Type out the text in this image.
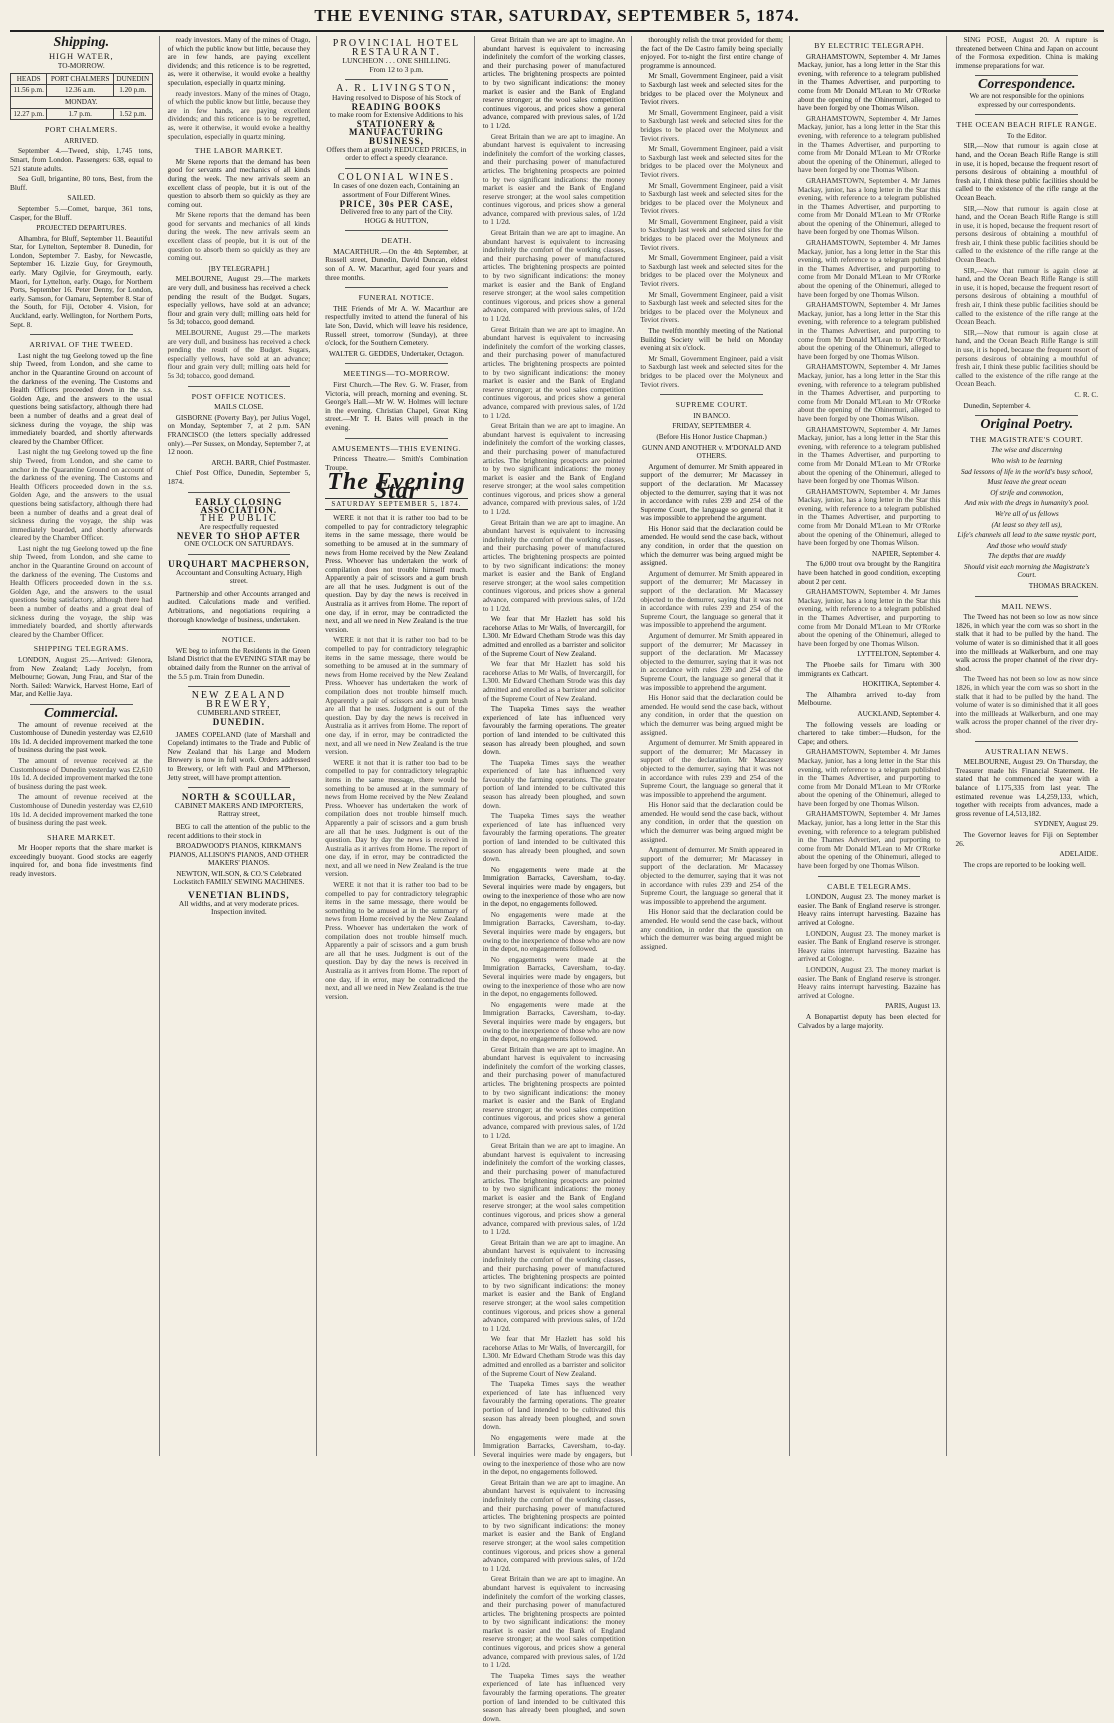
THE EVENING STAR, SATURDAY, SEPTEMBER 5, 1874.
Shipping.
HIGH WATER,

TO-MORROW.

HEADS	PORT CHALMERS	DUNEDIN
11.56 p.m.	12.36 a.m.	1.20 p.m.
MONDAY.		
12.27 p.m.	1.7 p.m.	1.52 p.m.
PORT CHALMERS.

ARRIVED.

September 4.—Tweed, ship, 1,745 tons, Smart, from London. Passengers: 638, equal to 521 statute adults.

Sea Gull, brigantine, 80 tons, Best, from the Bluff.

SAILED.

September 5.—Comet, barque, 361 tons, Casper, for the Bluff.

PROJECTED DEPARTURES.

Alhambra, for Bluff, September 11. Beautiful Star, for Lyttelton, September 8. Dunedin, for London, September 7. Easby, for Newcastle, September 16. Lizzie Guy, for Greymouth, early. Mary Ogilvie, for Greymouth, early. Maori, for Lyttelton, early. Otago, for Northern Ports, September 16. Peter Denny, for London, early. Samson, for Oamaru, September 8. Star of the South, for Fiji, October 4. Vision, for Auckland, early. Wellington, for Northern Ports, Sept. 8.

ARRIVAL OF THE TWEED.

Last night the tug Geelong towed up the fine ship Tweed, from London, and she came to anchor in the Quarantine Ground on account of the darkness of the evening. The Customs and Health Officers proceeded down in the s.s. Golden Age, and the answers to the usual questions being satisfactory, although there had been a number of deaths and a great deal of sickness during the voyage, the ship was immediately boarded, and shortly afterwards cleared by the Chamber Officer.

Last night the tug Geelong towed up the fine ship Tweed, from London, and she came to anchor in the Quarantine Ground on account of the darkness of the evening. The Customs and Health Officers proceeded down in the s.s. Golden Age, and the answers to the usual questions being satisfactory, although there had been a number of deaths and a great deal of sickness during the voyage, the ship was immediately boarded, and shortly afterwards cleared by the Chamber Officer.

Last night the tug Geelong towed up the fine ship Tweed, from London, and she came to anchor in the Quarantine Ground on account of the darkness of the evening. The Customs and Health Officers proceeded down in the s.s. Golden Age, and the answers to the usual questions being satisfactory, although there had been a number of deaths and a great deal of sickness during the voyage, the ship was immediately boarded, and shortly afterwards cleared by the Chamber Officer.

SHIPPING TELEGRAMS.

LONDON, August 25.—Arrived: Glenora, from New Zealand; Lady Jocelyn, from Melbourne; Gowan, Jung Frau, and Star of the North. Sailed: Warwick, Harvest Home, Earl of Mar, and Kellie Jaya.

Commercial.

The amount of revenue received at the Customhouse of Dunedin yesterday was £2,610 10s 1d. A decided improvement marked the tone of business during the past week.

The amount of revenue received at the Customhouse of Dunedin yesterday was £2,610 10s 1d. A decided improvement marked the tone of business during the past week.

The amount of revenue received at the Customhouse of Dunedin yesterday was £2,610 10s 1d. A decided improvement marked the tone of business during the past week.

SHARE MARKET.

Mr Hooper reports that the share market is exceedingly buoyant. Good stocks are eagerly inquired for, and bona fide investments find ready investors.

ready investors. Many of the mines of Otago, of which the public know but little, because they are in few hands, are paying excellent dividends; and this reticence is to be regretted, as, were it otherwise, it would evoke a healthy speculation, especially in quartz mining.

ready investors. Many of the mines of Otago, of which the public know but little, because they are in few hands, are paying excellent dividends; and this reticence is to be regretted, as, were it otherwise, it would evoke a healthy speculation, especially in quartz mining.

THE LABOR MARKET.

Mr Skene reports that the demand has been good for servants and mechanics of all kinds during the week. The new arrivals seem an excellent class of people, but it is out of the question to absorb them so quickly as they are coming out.

Mr Skene reports that the demand has been good for servants and mechanics of all kinds during the week. The new arrivals seem an excellent class of people, but it is out of the question to absorb them so quickly as they are coming out.

[BY TELEGRAPH.]

MELBOURNE, August 29.—The markets are very dull, and business has received a check pending the result of the Budget. Sugars, especially yellows, have sold at an advance; flour and grain very dull; milling oats held for 5s 3d; tobacco, good demand.

MELBOURNE, August 29.—The markets are very dull, and business has received a check pending the result of the Budget. Sugars, especially yellows, have sold at an advance; flour and grain very dull; milling oats held for 5s 3d; tobacco, good demand.

POST OFFICE NOTICES.

MAILS CLOSE.

GISBORNE (Poverty Bay), per Julius Vogel, on Monday, September 7, at 2 p.m. SAN FRANCISCO (the letters specially addressed only).—Per Sussex, on Monday, September 7, at 12 noon.

ARCH. BARR, Chief Postmaster.

Chief Post Office, Dunedin, September 5, 1874.

EARLY CLOSING ASSOCIATION.
THE PUBLIC
Are respectfully requested
NEVER TO SHOP AFTER
ONE O'CLOCK ON SATURDAYS.
URQUHART MACPHERSON,
Accountant and Consulting Actuary, High street.

Partnership and other Accounts arranged and audited. Calculations made and verified. Arbitrations, and negotiations requiring a thorough knowledge of business, undertaken.

NOTICE.

WE beg to inform the Residents in the Green Island District that the EVENING STAR may be obtained daily from the Runner on the arrival of the 5.5 p.m. Train from Dunedin.

NEW ZEALAND BREWERY,
CUMBERLAND STREET,
DUNEDIN.

JAMES COPELAND (late of Marshall and Copeland) intimates to the Trade and Public of New Zealand that his Large and Modern Brewery is now in full work. Orders addressed to Brewery, or left with Paul and M'Pherson, Jetty street, will have prompt attention.

NORTH & SCOULLAR,
CABINET MAKERS AND IMPORTERS, Rattray street,

BEG to call the attention of the public to the recent additions to their stock in

BROADWOOD'S PIANOS, KIRKMAN'S PIANOS, ALLISON'S PIANOS, AND OTHER MAKERS' PIANOS.

NEWTON, WILSON, & CO.'S Celebrated Lockstitch FAMILY SEWING MACHINES.

VENETIAN BLINDS,
All widths, and at very moderate prices.
Inspection invited.
PROVINCIAL HOTEL RESTAURANT.
LUNCHEON . . . ONE SHILLING.
From 12 to 3 p.m.
A. R. LIVINGSTON,
Having resolved to Dispose of his Stock of
READING BOOKS
to make room for Extensive Additions to his
STATIONERY & MANUFACTURING BUSINESS,
Offers them at greatly REDUCED PRICES, in order to effect a speedy clearance.
COLONIAL WINES.
In cases of one dozen each, Containing an assortment of Four Different Wines.
PRICE, 30s PER CASE,
Delivered free to any part of the City.
HOGG & HUTTON,
DEATH.

MACARTHUR.—On the 4th September, at Russell street, Dunedin, David Duncan, eldest son of A. W. Macarthur, aged four years and three months.

FUNERAL NOTICE.

THE Friends of Mr A. W. Macarthur are respectfully invited to attend the funeral of his late Son, David, which will leave his residence, Russell street, tomorrow (Sunday), at three o'clock, for the Southern Cemetery.

WALTER G. GEDDES, Undertaker, Octagon.

MEETINGS—TO-MORROW.

First Church.—The Rev. G. W. Fraser, from Victoria, will preach, morning and evening. St. George's Hall.—Mr W. W. Holmes will lecture in the evening. Christian Chapel, Great King street.—Mr T. H. Bates will preach in the evening.

AMUSEMENTS—THIS EVENING.

Princess Theatre.— Smith's Combination Troupe.

The Evening Star
SATURDAY SEPTEMBER 5, 1874.

WERE it not that it is rather too bad to be compelled to pay for contradictory telegraphic items in the same message, there would be something to be amused at in the summary of news from Home received by the New Zealand Press. Whoever has undertaken the work of compilation does not trouble himself much. Apparently a pair of scissors and a gum brush are all that he uses. Judgment is out of the question. Day by day the news is received in Australia as it arrives from Home. The report of one day, if in error, may be contradicted the next, and all we need in New Zealand is the true version.

WERE it not that it is rather too bad to be compelled to pay for contradictory telegraphic items in the same message, there would be something to be amused at in the summary of news from Home received by the New Zealand Press. Whoever has undertaken the work of compilation does not trouble himself much. Apparently a pair of scissors and a gum brush are all that he uses. Judgment is out of the question. Day by day the news is received in Australia as it arrives from Home. The report of one day, if in error, may be contradicted the next, and all we need in New Zealand is the true version.

WERE it not that it is rather too bad to be compelled to pay for contradictory telegraphic items in the same message, there would be something to be amused at in the summary of news from Home received by the New Zealand Press. Whoever has undertaken the work of compilation does not trouble himself much. Apparently a pair of scissors and a gum brush are all that he uses. Judgment is out of the question. Day by day the news is received in Australia as it arrives from Home. The report of one day, if in error, may be contradicted the next, and all we need in New Zealand is the true version.

WERE it not that it is rather too bad to be compelled to pay for contradictory telegraphic items in the same message, there would be something to be amused at in the summary of news from Home received by the New Zealand Press. Whoever has undertaken the work of compilation does not trouble himself much. Apparently a pair of scissors and a gum brush are all that he uses. Judgment is out of the question. Day by day the news is received in Australia as it arrives from Home. The report of one day, if in error, may be contradicted the next, and all we need in New Zealand is the true version.

Great Britain than we are apt to imagine. An abundant harvest is equivalent to increasing indefinitely the comfort of the working classes, and their purchasing power of manufactured articles. The brightening prospects are pointed to by two significant indications: the money market is easier and the Bank of England reserve stronger; at the wool sales competition continues vigorous, and prices show a general advance, compared with previous sales, of 1/2d to 1 1/2d.

Great Britain than we are apt to imagine. An abundant harvest is equivalent to increasing indefinitely the comfort of the working classes, and their purchasing power of manufactured articles. The brightening prospects are pointed to by two significant indications: the money market is easier and the Bank of England reserve stronger; at the wool sales competition continues vigorous, and prices show a general advance, compared with previous sales, of 1/2d to 1 1/2d.

Great Britain than we are apt to imagine. An abundant harvest is equivalent to increasing indefinitely the comfort of the working classes, and their purchasing power of manufactured articles. The brightening prospects are pointed to by two significant indications: the money market is easier and the Bank of England reserve stronger; at the wool sales competition continues vigorous, and prices show a general advance, compared with previous sales, of 1/2d to 1 1/2d.

Great Britain than we are apt to imagine. An abundant harvest is equivalent to increasing indefinitely the comfort of the working classes, and their purchasing power of manufactured articles. The brightening prospects are pointed to by two significant indications: the money market is easier and the Bank of England reserve stronger; at the wool sales competition continues vigorous, and prices show a general advance, compared with previous sales, of 1/2d to 1 1/2d.

Great Britain than we are apt to imagine. An abundant harvest is equivalent to increasing indefinitely the comfort of the working classes, and their purchasing power of manufactured articles. The brightening prospects are pointed to by two significant indications: the money market is easier and the Bank of England reserve stronger; at the wool sales competition continues vigorous, and prices show a general advance, compared with previous sales, of 1/2d to 1 1/2d.

Great Britain than we are apt to imagine. An abundant harvest is equivalent to increasing indefinitely the comfort of the working classes, and their purchasing power of manufactured articles. The brightening prospects are pointed to by two significant indications: the money market is easier and the Bank of England reserve stronger; at the wool sales competition continues vigorous, and prices show a general advance, compared with previous sales, of 1/2d to 1 1/2d.

We fear that Mr Hazlett has sold his racehorse Atlas to Mr Walls, of Invercargill, for L300. Mr Edward Chetham Strode was this day admitted and enrolled as a barrister and solicitor of the Supreme Court of New Zealand.

We fear that Mr Hazlett has sold his racehorse Atlas to Mr Walls, of Invercargill, for L300. Mr Edward Chetham Strode was this day admitted and enrolled as a barrister and solicitor of the Supreme Court of New Zealand.

The Tuapeka Times says the weather experienced of late has influenced very favourably the farming operations. The greater portion of land intended to be cultivated this season has already been ploughed, and sown down.

The Tuapeka Times says the weather experienced of late has influenced very favourably the farming operations. The greater portion of land intended to be cultivated this season has already been ploughed, and sown down.

The Tuapeka Times says the weather experienced of late has influenced very favourably the farming operations. The greater portion of land intended to be cultivated this season has already been ploughed, and sown down.

No engagements were made at the Immigration Barracks, Caversham, to-day. Several inquiries were made by engagers, but owing to the inexperience of those who are now in the depot, no engagements followed.

No engagements were made at the Immigration Barracks, Caversham, to-day. Several inquiries were made by engagers, but owing to the inexperience of those who are now in the depot, no engagements followed.

No engagements were made at the Immigration Barracks, Caversham, to-day. Several inquiries were made by engagers, but owing to the inexperience of those who are now in the depot, no engagements followed.

No engagements were made at the Immigration Barracks, Caversham, to-day. Several inquiries were made by engagers, but owing to the inexperience of those who are now in the depot, no engagements followed.

Great Britain than we are apt to imagine. An abundant harvest is equivalent to increasing indefinitely the comfort of the working classes, and their purchasing power of manufactured articles. The brightening prospects are pointed to by two significant indications: the money market is easier and the Bank of England reserve stronger; at the wool sales competition continues vigorous, and prices show a general advance, compared with previous sales, of 1/2d to 1 1/2d.

Great Britain than we are apt to imagine. An abundant harvest is equivalent to increasing indefinitely the comfort of the working classes, and their purchasing power of manufactured articles. The brightening prospects are pointed to by two significant indications: the money market is easier and the Bank of England reserve stronger; at the wool sales competition continues vigorous, and prices show a general advance, compared with previous sales, of 1/2d to 1 1/2d.

Great Britain than we are apt to imagine. An abundant harvest is equivalent to increasing indefinitely the comfort of the working classes, and their purchasing power of manufactured articles. The brightening prospects are pointed to by two significant indications: the money market is easier and the Bank of England reserve stronger; at the wool sales competition continues vigorous, and prices show a general advance, compared with previous sales, of 1/2d to 1 1/2d.

We fear that Mr Hazlett has sold his racehorse Atlas to Mr Walls, of Invercargill, for L300. Mr Edward Chetham Strode was this day admitted and enrolled as a barrister and solicitor of the Supreme Court of New Zealand.

The Tuapeka Times says the weather experienced of late has influenced very favourably the farming operations. The greater portion of land intended to be cultivated this season has already been ploughed, and sown down.

No engagements were made at the Immigration Barracks, Caversham, to-day. Several inquiries were made by engagers, but owing to the inexperience of those who are now in the depot, no engagements followed.

Great Britain than we are apt to imagine. An abundant harvest is equivalent to increasing indefinitely the comfort of the working classes, and their purchasing power of manufactured articles. The brightening prospects are pointed to by two significant indications: the money market is easier and the Bank of England reserve stronger; at the wool sales competition continues vigorous, and prices show a general advance, compared with previous sales, of 1/2d to 1 1/2d.

Great Britain than we are apt to imagine. An abundant harvest is equivalent to increasing indefinitely the comfort of the working classes, and their purchasing power of manufactured articles. The brightening prospects are pointed to by two significant indications: the money market is easier and the Bank of England reserve stronger; at the wool sales competition continues vigorous, and prices show a general advance, compared with previous sales, of 1/2d to 1 1/2d.

The Tuapeka Times says the weather experienced of late has influenced very favourably the farming operations. The greater portion of land intended to be cultivated this season has already been ploughed, and sown down.

thoroughly relish the treat provided for them; the fact of the De Castro family being specially enjoyed. For to-night the first entire change of programme is announced.

Mr Small, Government Engineer, paid a visit to Saxburgh last week and selected sites for the bridges to be placed over the Molyneux and Teviot rivers.

Mr Small, Government Engineer, paid a visit to Saxburgh last week and selected sites for the bridges to be placed over the Molyneux and Teviot rivers.

Mr Small, Government Engineer, paid a visit to Saxburgh last week and selected sites for the bridges to be placed over the Molyneux and Teviot rivers.

Mr Small, Government Engineer, paid a visit to Saxburgh last week and selected sites for the bridges to be placed over the Molyneux and Teviot rivers.

Mr Small, Government Engineer, paid a visit to Saxburgh last week and selected sites for the bridges to be placed over the Molyneux and Teviot rivers.

Mr Small, Government Engineer, paid a visit to Saxburgh last week and selected sites for the bridges to be placed over the Molyneux and Teviot rivers.

Mr Small, Government Engineer, paid a visit to Saxburgh last week and selected sites for the bridges to be placed over the Molyneux and Teviot rivers.

The twelfth monthly meeting of the National Building Society will be held on Monday evening at six o'clock.

Mr Small, Government Engineer, paid a visit to Saxburgh last week and selected sites for the bridges to be placed over the Molyneux and Teviot rivers.

SUPREME COURT.

IN BANCO.

FRIDAY, SEPTEMBER 4.

(Before His Honor Justice Chapman.)

GUNN AND ANOTHER v. M'DONALD AND OTHERS.

Argument of demurrer. Mr Smith appeared in support of the demurrer; Mr Macassey in support of the declaration. Mr Macassey objected to the demurrer, saying that it was not in accordance with rules 239 and 254 of the Supreme Court, the language so general that it was impossible to apprehend the argument.

His Honor said that the declaration could be amended. He would send the case back, without any condition, in order that the question on which the demurrer was being argued might be assigned.

Argument of demurrer. Mr Smith appeared in support of the demurrer; Mr Macassey in support of the declaration. Mr Macassey objected to the demurrer, saying that it was not in accordance with rules 239 and 254 of the Supreme Court, the language so general that it was impossible to apprehend the argument.

Argument of demurrer. Mr Smith appeared in support of the demurrer; Mr Macassey in support of the declaration. Mr Macassey objected to the demurrer, saying that it was not in accordance with rules 239 and 254 of the Supreme Court, the language so general that it was impossible to apprehend the argument.

His Honor said that the declaration could be amended. He would send the case back, without any condition, in order that the question on which the demurrer was being argued might be assigned.

Argument of demurrer. Mr Smith appeared in support of the demurrer; Mr Macassey in support of the declaration. Mr Macassey objected to the demurrer, saying that it was not in accordance with rules 239 and 254 of the Supreme Court, the language so general that it was impossible to apprehend the argument.

His Honor said that the declaration could be amended. He would send the case back, without any condition, in order that the question on which the demurrer was being argued might be assigned.

Argument of demurrer. Mr Smith appeared in support of the demurrer; Mr Macassey in support of the declaration. Mr Macassey objected to the demurrer, saying that it was not in accordance with rules 239 and 254 of the Supreme Court, the language so general that it was impossible to apprehend the argument.

His Honor said that the declaration could be amended. He would send the case back, without any condition, in order that the question on which the demurrer was being argued might be assigned.

BY ELECTRIC TELEGRAPH.

GRAHAMSTOWN, September 4. Mr James Mackay, junior, has a long letter in the Star this evening, with reference to a telegram published in the Thames Advertiser, and purporting to come from Mr Donald M'Lean to Mr O'Rorke about the opening of the Ohinemuri, alleged to have been forged by one Thomas Wilson.

GRAHAMSTOWN, September 4. Mr James Mackay, junior, has a long letter in the Star this evening, with reference to a telegram published in the Thames Advertiser, and purporting to come from Mr Donald M'Lean to Mr O'Rorke about the opening of the Ohinemuri, alleged to have been forged by one Thomas Wilson.

GRAHAMSTOWN, September 4. Mr James Mackay, junior, has a long letter in the Star this evening, with reference to a telegram published in the Thames Advertiser, and purporting to come from Mr Donald M'Lean to Mr O'Rorke about the opening of the Ohinemuri, alleged to have been forged by one Thomas Wilson.

GRAHAMSTOWN, September 4. Mr James Mackay, junior, has a long letter in the Star this evening, with reference to a telegram published in the Thames Advertiser, and purporting to come from Mr Donald M'Lean to Mr O'Rorke about the opening of the Ohinemuri, alleged to have been forged by one Thomas Wilson.

GRAHAMSTOWN, September 4. Mr James Mackay, junior, has a long letter in the Star this evening, with reference to a telegram published in the Thames Advertiser, and purporting to come from Mr Donald M'Lean to Mr O'Rorke about the opening of the Ohinemuri, alleged to have been forged by one Thomas Wilson.

GRAHAMSTOWN, September 4. Mr James Mackay, junior, has a long letter in the Star this evening, with reference to a telegram published in the Thames Advertiser, and purporting to come from Mr Donald M'Lean to Mr O'Rorke about the opening of the Ohinemuri, alleged to have been forged by one Thomas Wilson.

GRAHAMSTOWN, September 4. Mr James Mackay, junior, has a long letter in the Star this evening, with reference to a telegram published in the Thames Advertiser, and purporting to come from Mr Donald M'Lean to Mr O'Rorke about the opening of the Ohinemuri, alleged to have been forged by one Thomas Wilson.

GRAHAMSTOWN, September 4. Mr James Mackay, junior, has a long letter in the Star this evening, with reference to a telegram published in the Thames Advertiser, and purporting to come from Mr Donald M'Lean to Mr O'Rorke about the opening of the Ohinemuri, alleged to have been forged by one Thomas Wilson.

NAPIER, September 4.

The 6,000 trout ova brought by the Rangitira have been hatched in good condition, excepting about 2 per cent.

GRAHAMSTOWN, September 4. Mr James Mackay, junior, has a long letter in the Star this evening, with reference to a telegram published in the Thames Advertiser, and purporting to come from Mr Donald M'Lean to Mr O'Rorke about the opening of the Ohinemuri, alleged to have been forged by one Thomas Wilson.

LYTTELTON, September 4.

The Phoebe sails for Timaru with 300 immigrants ex Cathcart.

HOKITIKA, September 4.

The Alhambra arrived to-day from Melbourne.

AUCKLAND, September 4.

The following vessels are loading or chartered to take timber:—Hudson, for the Cape; and others.

GRAHAMSTOWN, September 4. Mr James Mackay, junior, has a long letter in the Star this evening, with reference to a telegram published in the Thames Advertiser, and purporting to come from Mr Donald M'Lean to Mr O'Rorke about the opening of the Ohinemuri, alleged to have been forged by one Thomas Wilson.

GRAHAMSTOWN, September 4. Mr James Mackay, junior, has a long letter in the Star this evening, with reference to a telegram published in the Thames Advertiser, and purporting to come from Mr Donald M'Lean to Mr O'Rorke about the opening of the Ohinemuri, alleged to have been forged by one Thomas Wilson.

CABLE TELEGRAMS.

LONDON, August 23. The money market is easier. The Bank of England reserve is stronger. Heavy rains interrupt harvesting. Bazaine has arrived at Cologne.

LONDON, August 23. The money market is easier. The Bank of England reserve is stronger. Heavy rains interrupt harvesting. Bazaine has arrived at Cologne.

LONDON, August 23. The money market is easier. The Bank of England reserve is stronger. Heavy rains interrupt harvesting. Bazaine has arrived at Cologne.

PARIS, August 13.

A Bonapartist deputy has been elected for Calvados by a large majority.

SING POSE, August 20. A rupture is threatened between China and Japan on account of the Formosa expedition. China is making immense preparations for war.

Correspondence.

We are not responsible for the opinions expressed by our correspondents.

THE OCEAN BEACH RIFLE RANGE.

To the Editor.

SIR,—Now that rumour is again close at hand, and the Ocean Beach Rifle Range is still in use, it is hoped, because the frequent resort of persons desirous of obtaining a mouthful of fresh air, I think these public facilities should be called to the existence of the rifle range at the Ocean Beach.

SIR,—Now that rumour is again close at hand, and the Ocean Beach Rifle Range is still in use, it is hoped, because the frequent resort of persons desirous of obtaining a mouthful of fresh air, I think these public facilities should be called to the existence of the rifle range at the Ocean Beach.

SIR,—Now that rumour is again close at hand, and the Ocean Beach Rifle Range is still in use, it is hoped, because the frequent resort of persons desirous of obtaining a mouthful of fresh air, I think these public facilities should be called to the existence of the rifle range at the Ocean Beach.

SIR,—Now that rumour is again close at hand, and the Ocean Beach Rifle Range is still in use, it is hoped, because the frequent resort of persons desirous of obtaining a mouthful of fresh air, I think these public facilities should be called to the existence of the rifle range at the Ocean Beach.

C. R. C.

Dunedin, September 4.

Original Poetry.
THE MAGISTRATE'S COURT.

The wise and discerning

Who wish to be learning

Sad lessons of life in the world's busy school,

Must leave the great ocean

Of strife and commotion,

And mix with the dregs in humanity's pool.

We're all of us fellows

(At least so they tell us),

Life's channels all lead to the same mystic port,

And those who would study

The depths that are muddy

Should visit each morning the Magistrate's Court.

THOMAS BRACKEN.

MAIL NEWS.

The Tweed has not been so low as now since 1826, in which year the corn was so short in the stalk that it had to be pulled by the hand. The volume of water is so diminished that it all goes into the millleads at Walkerburn, and one may walk across the proper channel of the river dry-shod.

The Tweed has not been so low as now since 1826, in which year the corn was so short in the stalk that it had to be pulled by the hand. The volume of water is so diminished that it all goes into the millleads at Walkerburn, and one may walk across the proper channel of the river dry-shod.

AUSTRALIAN NEWS.

MELBOURNE, August 29. On Thursday, the Treasurer made his Financial Statement. He stated that he commenced the year with a balance of L175,335 from last year. The estimated revenue was L4,259,133, which, together with receipts from advances, made a gross revenue of L4,513,182.

SYDNEY, August 29.

The Governor leaves for Fiji on September 26.

ADELAIDE.

The crops are reported to be looking well.
